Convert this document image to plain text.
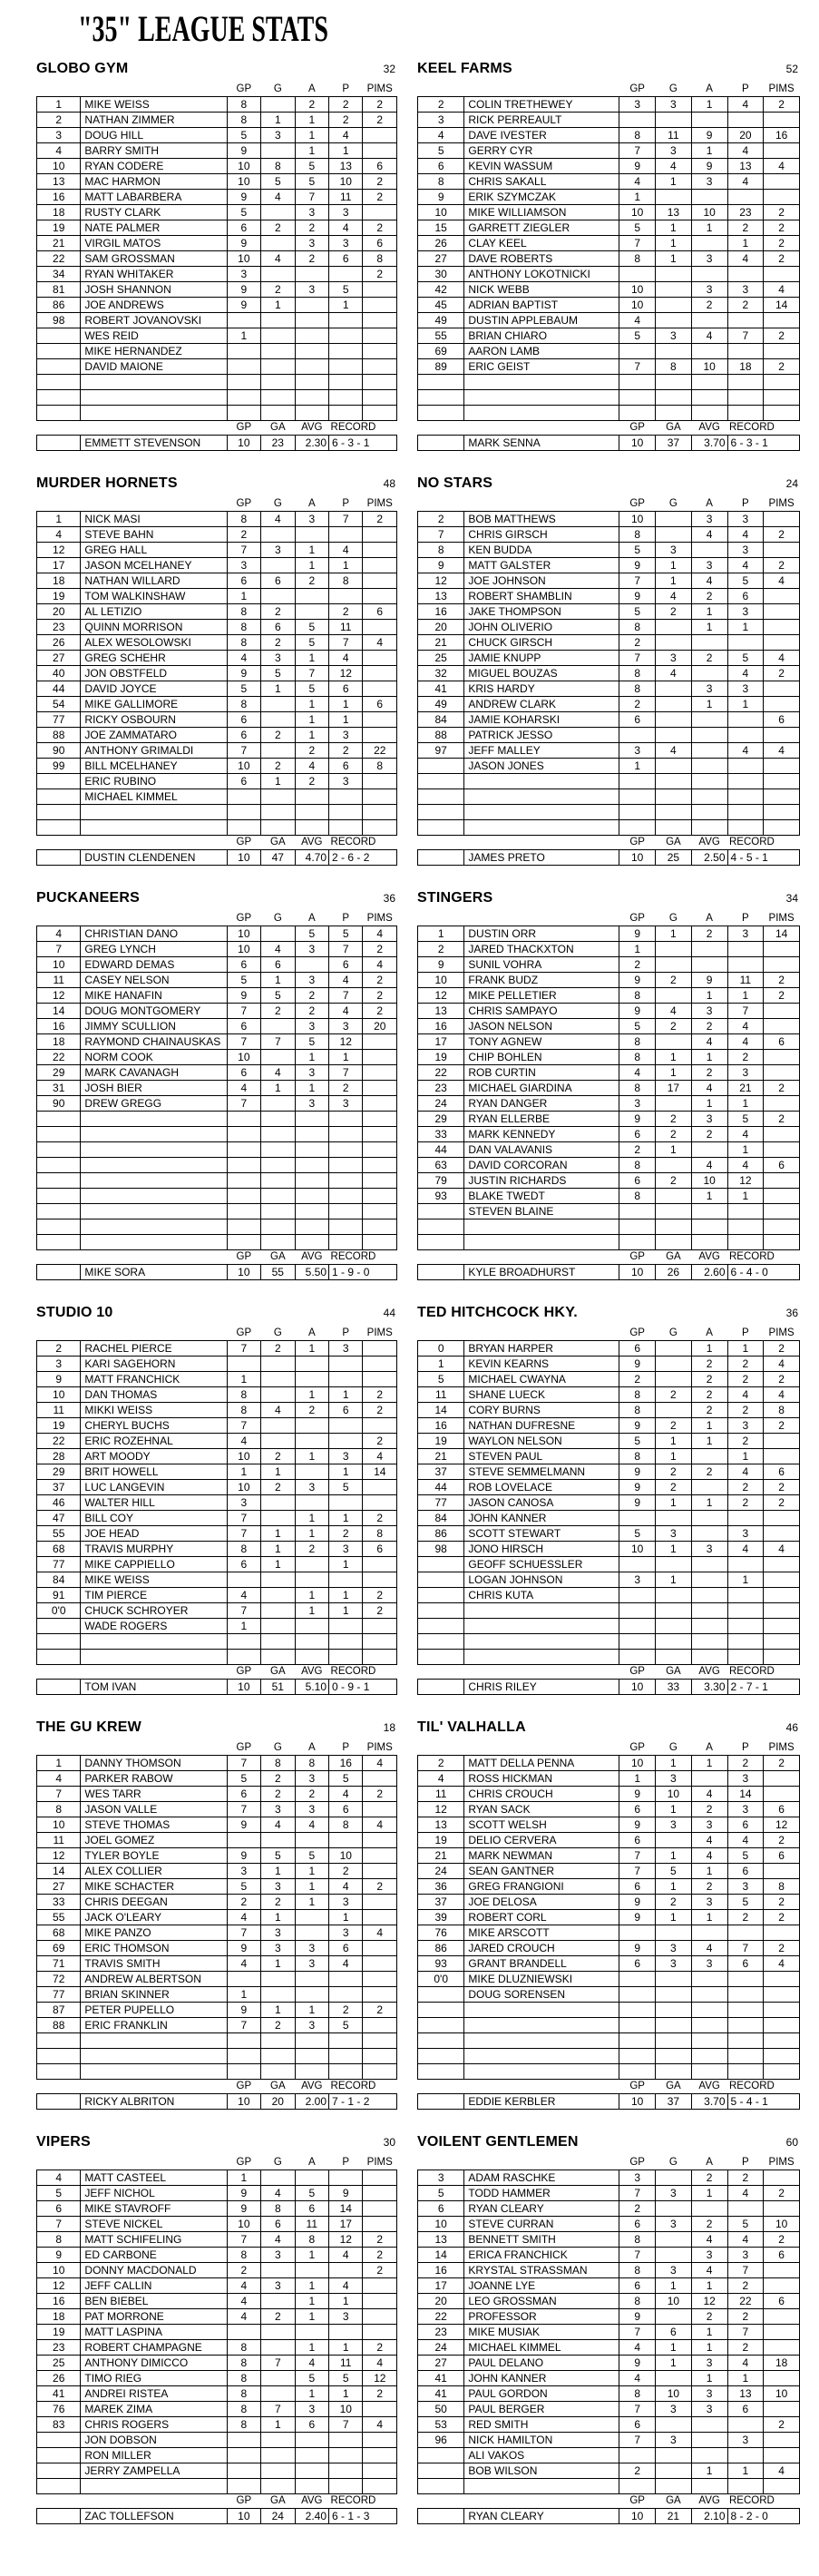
"35" LEAGUE STATS
GLOBO GYM	32
		GP	G	A	P	PIMS
1	MIKE WEISS	8		2	2	2
2	NATHAN ZIMMER	8	1	1	2	2
3	DOUG HILL	5	3	1	4	
4	BARRY SMITH	9		1	1	
10	RYAN CODERE	10	8	5	13	6
13	MAC HARMON	10	5	5	10	2
16	MATT LABARBERA	9	4	7	11	2
18	RUSTY CLARK	5		3	3	
19	NATE PALMER	6	2	2	4	2
21	VIRGIL MATOS	9		3	3	6
22	SAM GROSSMAN	10	4	2	6	8
34	RYAN WHITAKER	3				2
81	JOSH SHANNON	9	2	3	5	
86	JOE ANDREWS	9	1		1	
98	ROBERT JOVANOVSKI					
	WES REID	1				
	MIKE HERNANDEZ					
	DAVID MAIONE					

		GP	GA	AVG	RECORD	
	EMMETT STEVENSON	10	23	2.30	6 - 3 - 1	
KEEL FARMS	52
		GP	G	A	P	PIMS
2	COLIN TRETHEWEY	3	3	1	4	2
3	RICK PERREAULT					
4	DAVE IVESTER	8	11	9	20	16
5	GERRY CYR	7	3	1	4	
6	KEVIN WASSUM	9	4	9	13	4
8	CHRIS SAKALL	4	1	3	4	
9	ERIK SZYMCZAK	1				
10	MIKE WILLIAMSON	10	13	10	23	2
15	GARRETT ZIEGLER	5	1	1	2	2
26	CLAY KEEL	7	1		1	2
27	DAVE ROBERTS	8	1	3	4	2
30	ANTHONY LOKOTNICKI					
42	NICK WEBB	10		3	3	4
45	ADRIAN BAPTIST	10		2	2	14
49	DUSTIN APPLEBAUM	4				
55	BRIAN CHIARO	5	3	4	7	2
69	AARON LAMB					
89	ERIC GEIST	7	8	10	18	2

		GP	GA	AVG	RECORD	
	MARK SENNA	10	37	3.70	6 - 3 - 1	
MURDER HORNETS	48
		GP	G	A	P	PIMS
1	NICK MASI	8	4	3	7	2
4	STEVE BAHN	2				
12	GREG HALL	7	3	1	4	
17	JASON MCELHANEY	3		1	1	
18	NATHAN WILLARD	6	6	2	8	
19	TOM WALKINSHAW	1				
20	AL LETIZIO	8	2		2	6
23	QUINN MORRISON	8	6	5	11	
26	ALEX WESOLOWSKI	8	2	5	7	4
27	GREG SCHEHR	4	3	1	4	
40	JON OBSTFELD	9	5	7	12	
44	DAVID JOYCE	5	1	5	6	
54	MIKE GALLIMORE	8		1	1	6
77	RICKY OSBOURN	6		1	1	
88	JOE ZAMMATARO	6	2	1	3	
90	ANTHONY GRIMALDI	7		2	2	22
99	BILL MCELHANEY	10	2	4	6	8
	ERIC RUBINO	6	1	2	3	
	MICHAEL KIMMEL					

		GP	GA	AVG	RECORD	
	DUSTIN CLENDENEN	10	47	4.70	2 - 6 - 2	
NO STARS	24
		GP	G	A	P	PIMS
2	BOB MATTHEWS	10		3	3	
7	CHRIS GIRSCH	8		4	4	2
8	KEN BUDDA	5	3		3	
9	MATT GALSTER	9	1	3	4	2
12	JOE JOHNSON	7	1	4	5	4
13	ROBERT SHAMBLIN	9	4	2	6	
16	JAKE THOMPSON	5	2	1	3	
20	JOHN OLIVERIO	8		1	1	
21	CHUCK GIRSCH	2				
25	JAMIE KNUPP	7	3	2	5	4
32	MIGUEL BOUZAS	8	4		4	2
41	KRIS HARDY	8		3	3	
49	ANDREW CLARK	2		1	1	
84	JAMIE KOHARSKI	6				6
88	PATRICK JESSO					
97	JEFF MALLEY	3	4		4	4
	JASON JONES	1				

		GP	GA	AVG	RECORD	
	JAMES PRETO	10	25	2.50	4 - 5 - 1	
PUCKANEERS	36
		GP	G	A	P	PIMS
4	CHRISTIAN DANO	10		5	5	4
7	GREG LYNCH	10	4	3	7	2
10	EDWARD DEMAS	6	6		6	4
11	CASEY NELSON	5	1	3	4	2
12	MIKE HANAFIN	9	5	2	7	2
14	DOUG MONTGOMERY	7	2	2	4	2
16	JIMMY SCULLION	6		3	3	20
18	RAYMOND CHAINAUSKAS	7	7	5	12	
22	NORM COOK	10		1	1	
29	MARK CAVANAGH	6	4	3	7	
31	JOSH BIER	4	1	1	2	
90	DREW GREGG	7		3	3	

		GP	GA	AVG	RECORD	
	MIKE SORA	10	55	5.50	1 - 9 - 0	
STINGERS	34
		GP	G	A	P	PIMS
1	DUSTIN ORR	9	1	2	3	14
2	JARED THACKXTON	1				
9	SUNIL VOHRA	2				
10	FRANK BUDZ	9	2	9	11	2
12	MIKE PELLETIER	8		1	1	2
13	CHRIS SAMPAYO	9	4	3	7	
16	JASON NELSON	5	2	2	4	
17	TONY AGNEW	8		4	4	6
19	CHIP BOHLEN	8	1	1	2	
22	ROB CURTIN	4	1	2	3	
23	MICHAEL GIARDINA	8	17	4	21	2
24	RYAN DANGER	3		1	1	
29	RYAN ELLERBE	9	2	3	5	2
33	MARK KENNEDY	6	2	2	4	
44	DAN VALAVANIS	2	1		1	
63	DAVID CORCORAN	8		4	4	6
79	JUSTIN RICHARDS	6	2	10	12	
93	BLAKE TWEDT	8		1	1	
	STEVEN BLAINE					

		GP	GA	AVG	RECORD	
	KYLE BROADHURST	10	26	2.60	6 - 4 - 0	
STUDIO 10	44
		GP	G	A	P	PIMS
2	RACHEL PIERCE	7	2	1	3	
3	KARI SAGEHORN					
9	MATT FRANCHICK	1				
10	DAN THOMAS	8		1	1	2
11	MIKKI WEISS	8	4	2	6	2
19	CHERYL BUCHS	7				
22	ERIC ROZEHNAL	4				2
28	ART MOODY	10	2	1	3	4
29	BRIT HOWELL	1	1		1	14
37	LUC LANGEVIN	10	2	3	5	
46	WALTER HILL	3				
47	BILL COY	7		1	1	2
55	JOE HEAD	7	1	1	2	8
68	TRAVIS MURPHY	8	1	2	3	6
77	MIKE CAPPIELLO	6	1		1	
84	MIKE WEISS					
91	TIM PIERCE	4		1	1	2
0'0	CHUCK SCHROYER	7		1	1	2
	WADE ROGERS	1				

		GP	GA	AVG	RECORD	
	TOM IVAN	10	51	5.10	0 - 9 - 1	
TED HITCHCOCK HKY.	36
		GP	G	A	P	PIMS
0	BRYAN HARPER	6		1	1	2
1	KEVIN KEARNS	9		2	2	4
5	MICHAEL CWAYNA	2		2	2	2
11	SHANE LUECK	8	2	2	4	4
14	CORY BURNS	8		2	2	8
16	NATHAN DUFRESNE	9	2	1	3	2
19	WAYLON NELSON	5	1	1	2	
21	STEVEN PAUL	8	1		1	
37	STEVE SEMMELMANN	9	2	2	4	6
44	ROB LOVELACE	9	2		2	2
77	JASON CANOSA	9	1	1	2	2
84	JOHN KANNER					
86	SCOTT STEWART	5	3		3	
98	JONO HIRSCH	10	1	3	4	4
	GEOFF SCHUESSLER					
	LOGAN JOHNSON	3	1		1	
	CHRIS KUTA					

		GP	GA	AVG	RECORD	
	CHRIS RILEY	10	33	3.30	2 - 7 - 1	
THE GU KREW	18
		GP	G	A	P	PIMS
1	DANNY THOMSON	7	8	8	16	4
4	PARKER RABOW	5	2	3	5	
7	WES TARR	6	2	2	4	2
8	JASON VALLE	7	3	3	6	
10	STEVE THOMAS	9	4	4	8	4
11	JOEL GOMEZ					
12	TYLER BOYLE	9	5	5	10	
14	ALEX COLLIER	3	1	1	2	
27	MIKE SCHACTER	5	3	1	4	2
33	CHRIS DEEGAN	2	2	1	3	
55	JACK O'LEARY	4	1		1	
68	MIKE PANZO	7	3		3	4
69	ERIC THOMSON	9	3	3	6	
71	TRAVIS SMITH	4	1	3	4	
72	ANDREW ALBERTSON					
77	BRIAN SKINNER	1				
87	PETER PUPELLO	9	1	1	2	2
88	ERIC FRANKLIN	7	2	3	5	

		GP	GA	AVG	RECORD	
	RICKY ALBRITON	10	20	2.00	7 - 1 - 2	
TIL' VALHALLA	46
		GP	G	A	P	PIMS
2	MATT DELLA PENNA	10	1	1	2	2
4	ROSS HICKMAN	1	3		3	
11	CHRIS CROUCH	9	10	4	14	
12	RYAN SACK	6	1	2	3	6
13	SCOTT WELSH	9	3	3	6	12
19	DELIO CERVERA	6		4	4	2
21	MARK NEWMAN	7	1	4	5	6
24	SEAN GANTNER	7	5	1	6	
36	GREG FRANGIONI	6	1	2	3	8
37	JOE DELOSA	9	2	3	5	2
39	ROBERT CORL	9	1	1	2	2
76	MIKE ARSCOTT					
86	JARED CROUCH	9	3	4	7	2
93	GRANT BRANDELL	6	3	3	6	4
0'0	MIKE DLUZNIEWSKI					
	DOUG SORENSEN					

		GP	GA	AVG	RECORD	
	EDDIE KERBLER	10	37	3.70	5 - 4 - 1	
VIPERS	30
		GP	G	A	P	PIMS
4	MATT CASTEEL	1				
5	JEFF NICHOL	9	4	5	9	
6	MIKE STAVROFF	9	8	6	14	
7	STEVE NICKEL	10	6	11	17	
8	MATT SCHIFELING	7	4	8	12	2
9	ED CARBONE	8	3	1	4	2
10	DONNY MACDONALD	2				2
12	JEFF CALLIN	4	3	1	4	
16	BEN BIEBEL	4		1	1	
18	PAT MORRONE	4	2	1	3	
19	MATT LASPINA					
23	ROBERT CHAMPAGNE	8		1	1	2
25	ANTHONY DIMICCO	8	7	4	11	4
26	TIMO RIEG	8		5	5	12
41	ANDREI RISTEA	8		1	1	2
76	MAREK ZIMA	8	7	3	10	
83	CHRIS ROGERS	8	1	6	7	4
	JON DOBSON					
	RON MILLER					
	JERRY ZAMPELLA					

		GP	GA	AVG	RECORD	
	ZAC TOLLEFSON	10	24	2.40	6 - 1 - 3	
VOILENT GENTLEMEN	60
		GP	G	A	P	PIMS
3	ADAM RASCHKE	3		2	2	
5	TODD HAMMER	7	3	1	4	2
6	RYAN CLEARY	2				
10	STEVE CURRAN	6	3	2	5	10
13	BENNETT SMITH	8		4	4	2
14	ERICA FRANCHICK	7		3	3	6
16	KRYSTAL STRASSMAN	8	3	4	7	
17	JOANNE LYE	6	1	1	2	
20	LEO GROSSMAN	8	10	12	22	6
22	PROFESSOR	9		2	2	
23	MIKE MUSIAK	7	6	1	7	
24	MICHAEL KIMMEL	4	1	1	2	
27	PAUL DELANO	9	1	3	4	18
41	JOHN KANNER	4		1	1	
41	PAUL GORDON	8	10	3	13	10
50	PAUL BERGER	7	3	3	6	
53	RED SMITH	6				2
96	NICK HAMILTON	7	3		3	
	ALI VAKOS					
	BOB WILSON	2		1	1	4

		GP	GA	AVG	RECORD	
	RYAN CLEARY	10	21	2.10	8 - 2 - 0	
